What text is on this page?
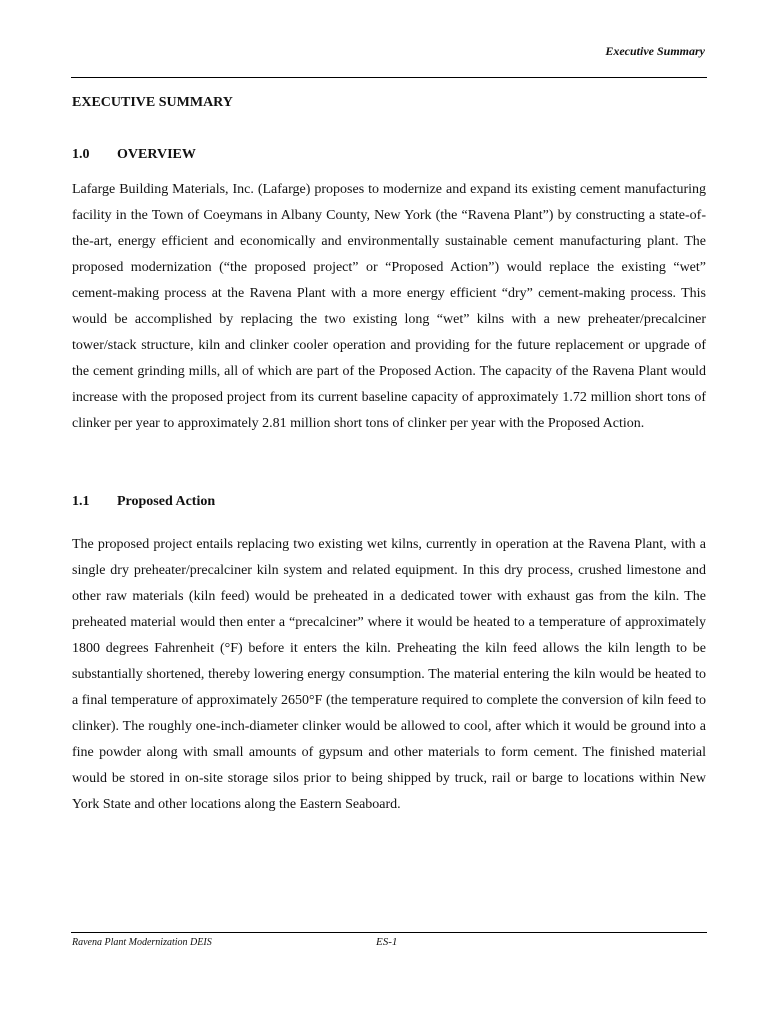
Executive Summary
EXECUTIVE SUMMARY
1.0 OVERVIEW

Lafarge Building Materials, Inc. (Lafarge) proposes to modernize and expand its existing cement manufacturing facility in the Town of Coeymans in Albany County, New York (the “Ravena Plant”) by constructing a state-of-the-art, energy efficient and economically and environmentally sustainable cement manufacturing plant. The proposed modernization (“the proposed project” or “Proposed Action”) would replace the existing “wet” cement-making process at the Ravena Plant with a more energy efficient “dry” cement-making process. This would be accomplished by replacing the two existing long “wet” kilns with a new preheater/precalciner tower/stack structure, kiln and clinker cooler operation and providing for the future replacement or upgrade of the cement grinding mills, all of which are part of the Proposed Action. The capacity of the Ravena Plant would increase with the proposed project from its current baseline capacity of approximately 1.72 million short tons of clinker per year to approximately 2.81 million short tons of clinker per year with the Proposed Action.

1.1 Proposed Action

The proposed project entails replacing two existing wet kilns, currently in operation at the Ravena Plant, with a single dry preheater/precalciner kiln system and related equipment. In this dry process, crushed limestone and other raw materials (kiln feed) would be preheated in a dedicated tower with exhaust gas from the kiln. The preheated material would then enter a “precalciner” where it would be heated to a temperature of approximately 1800 degrees Fahrenheit (°F) before it enters the kiln. Preheating the kiln feed allows the kiln length to be substantially shortened, thereby lowering energy consumption. The material entering the kiln would be heated to a final temperature of approximately 2650°F (the temperature required to complete the conversion of kiln feed to clinker). The roughly one-inch-diameter clinker would be allowed to cool, after which it would be ground into a fine powder along with small amounts of gypsum and other materials to form cement. The finished material would be stored in on-site storage silos prior to being shipped by truck, rail or barge to locations within New York State and other locations along the Eastern Seaboard.

Ravena Plant Modernization DEIS	ES-1
